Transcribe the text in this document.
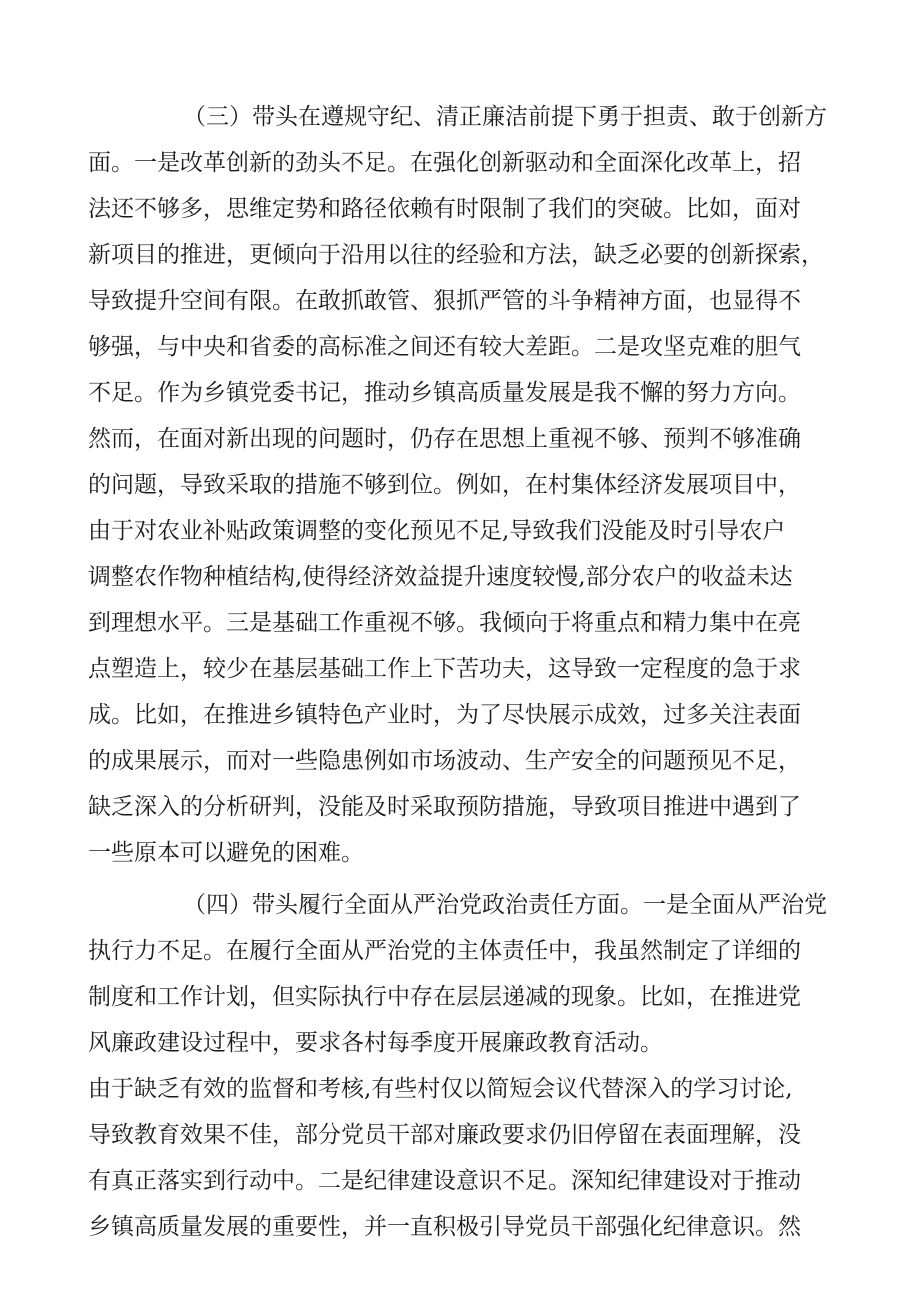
（三）带头在遵规守纪、清正廉洁前提下勇于担责、敢于创新方

面。一是改革创新的劲头不足。在强化创新驱动和全面深化改革上，招

法还不够多，思维定势和路径依赖有时限制了我们的突破。比如，面对

新项目的推进，更倾向于沿用以往的经验和方法，缺乏必要的创新探索，

导致提升空间有限。在敢抓敢管、狠抓严管的斗争精神方面，也显得不

够强，与中央和省委的高标准之间还有较大差距。二是攻坚克难的胆气

不足。作为乡镇党委书记，推动乡镇高质量发展是我不懈的努力方向。

然而，在面对新出现的问题时，仍存在思想上重视不够、预判不够准确

的问题，导致采取的措施不够到位。例如，在村集体经济发展项目中，

由于对农业补贴政策调整的变化预见不足,导致我们没能及时引导农户

调整农作物种植结构,使得经济效益提升速度较慢,部分农户的收益未达

到理想水平。三是基础工作重视不够。我倾向于将重点和精力集中在亮

点塑造上，较少在基层基础工作上下苦功夫，这导致一定程度的急于求

成。比如，在推进乡镇特色产业时，为了尽快展示成效，过多关注表面

的成果展示，而对一些隐患例如市场波动、生产安全的问题预见不足，

缺乏深入的分析研判，没能及时采取预防措施，导致项目推进中遇到了

一些原本可以避免的困难。

（四）带头履行全面从严治党政治责任方面。一是全面从严治党

执行力不足。在履行全面从严治党的主体责任中，我虽然制定了详细的

制度和工作计划，但实际执行中存在层层递减的现象。比如，在推进党

风廉政建设过程中，要求各村每季度开展廉政教育活动。

由于缺乏有效的监督和考核,有些村仅以简短会议代替深入的学习讨论,

导致教育效果不佳，部分党员干部对廉政要求仍旧停留在表面理解，没

有真正落实到行动中。二是纪律建设意识不足。深知纪律建设对于推动

乡镇高质量发展的重要性，并一直积极引导党员干部强化纪律意识。然
